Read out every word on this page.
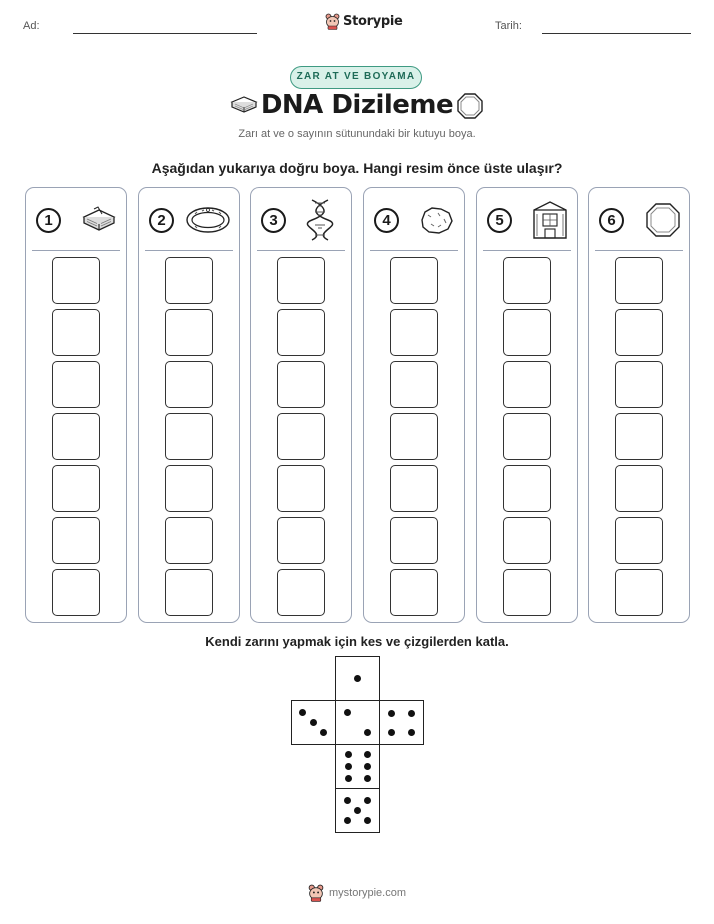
Ad:	Storypie	Tarih:
ZAR AT VE BOYAMA
DNA Dizileme
Zarı at ve o sayının sütunundaki bir kutuyu boya.
Aşağıdan yukarıya doğru boya. Hangi resim önce üste ulaşır?
1	2	3	4	5	6
Kendi zarını yapmak için kes ve çizgilerden katla.
mystorypie.com
